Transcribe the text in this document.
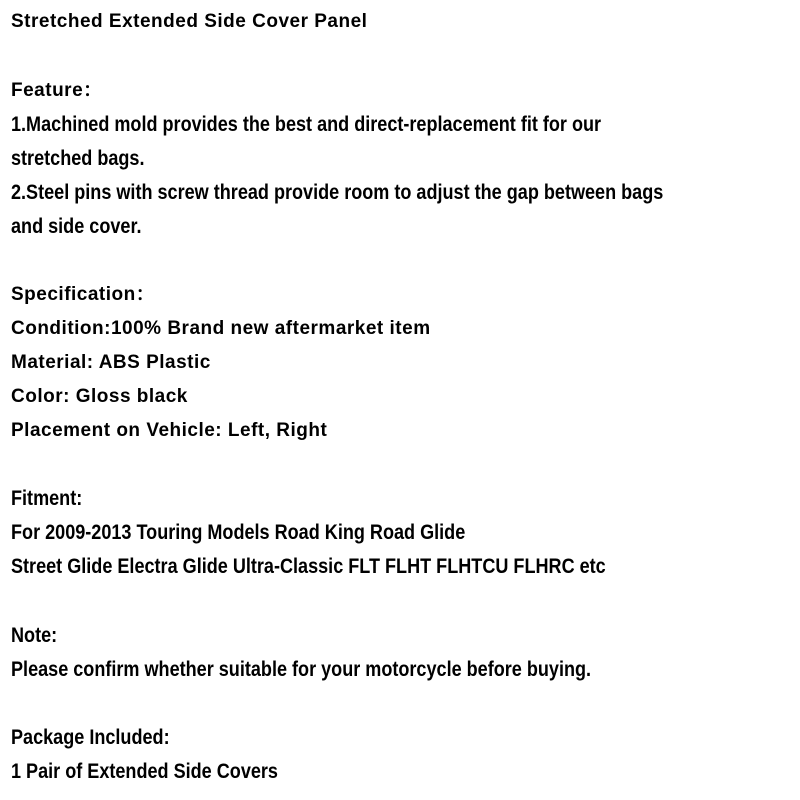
Stretched Extended Side Cover Panel
Feature：
1.Machined mold provides the best and direct-replacement fit for our
stretched bags.
2.Steel pins with screw thread provide room to adjust the gap between bags
and side cover.
Specification：
Condition:100% Brand new aftermarket item
Material: ABS Plastic
Color: Gloss black
Placement on Vehicle: Left, Right
Fitment:
For 2009-2013 Touring Models Road King Road Glide
Street Glide Electra Glide Ultra-Classic FLT FLHT FLHTCU FLHRC etc
Note:
Please confirm whether suitable for your motorcycle before buying.
Package Included:
1 Pair of Extended Side Covers
